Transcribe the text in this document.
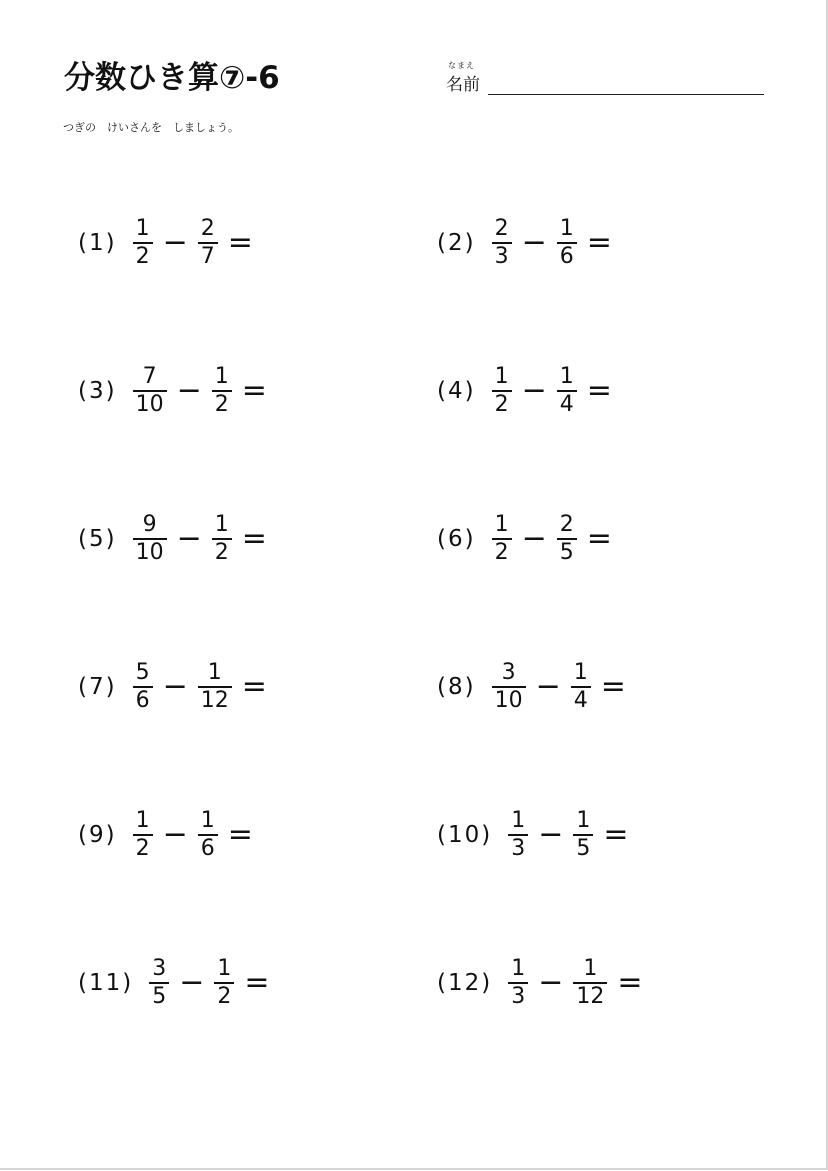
分数ひき算⑦-6	なまえ
名前
つぎの　けいさんを　しましょう。
$(1) \frac{1}{2} - \frac{2}{7}$ =	$(2) \frac{2}{3} - \frac{1}{6}$ =
$(3) \frac{7}{10} - \frac{1}{2}$ =	$(4) \frac{1}{2} - \frac{1}{4}$ =
$(5) \frac{9}{10} - \frac{1}{2}$ =	$(6) \frac{1}{2} - \frac{2}{5}$ =
$(7) \frac{5}{6} - \frac{1}{12}$ =	$(8) \frac{3}{10} - \frac{1}{4}$ =
$(9) \frac{1}{2} - \frac{1}{6}$ =	$(10) \frac{1}{3} - \frac{1}{5}$ =
$(11) \frac{3}{5} - \frac{1}{2}$ =	$(12) \frac{1}{3} - \frac{1}{12}$ =
